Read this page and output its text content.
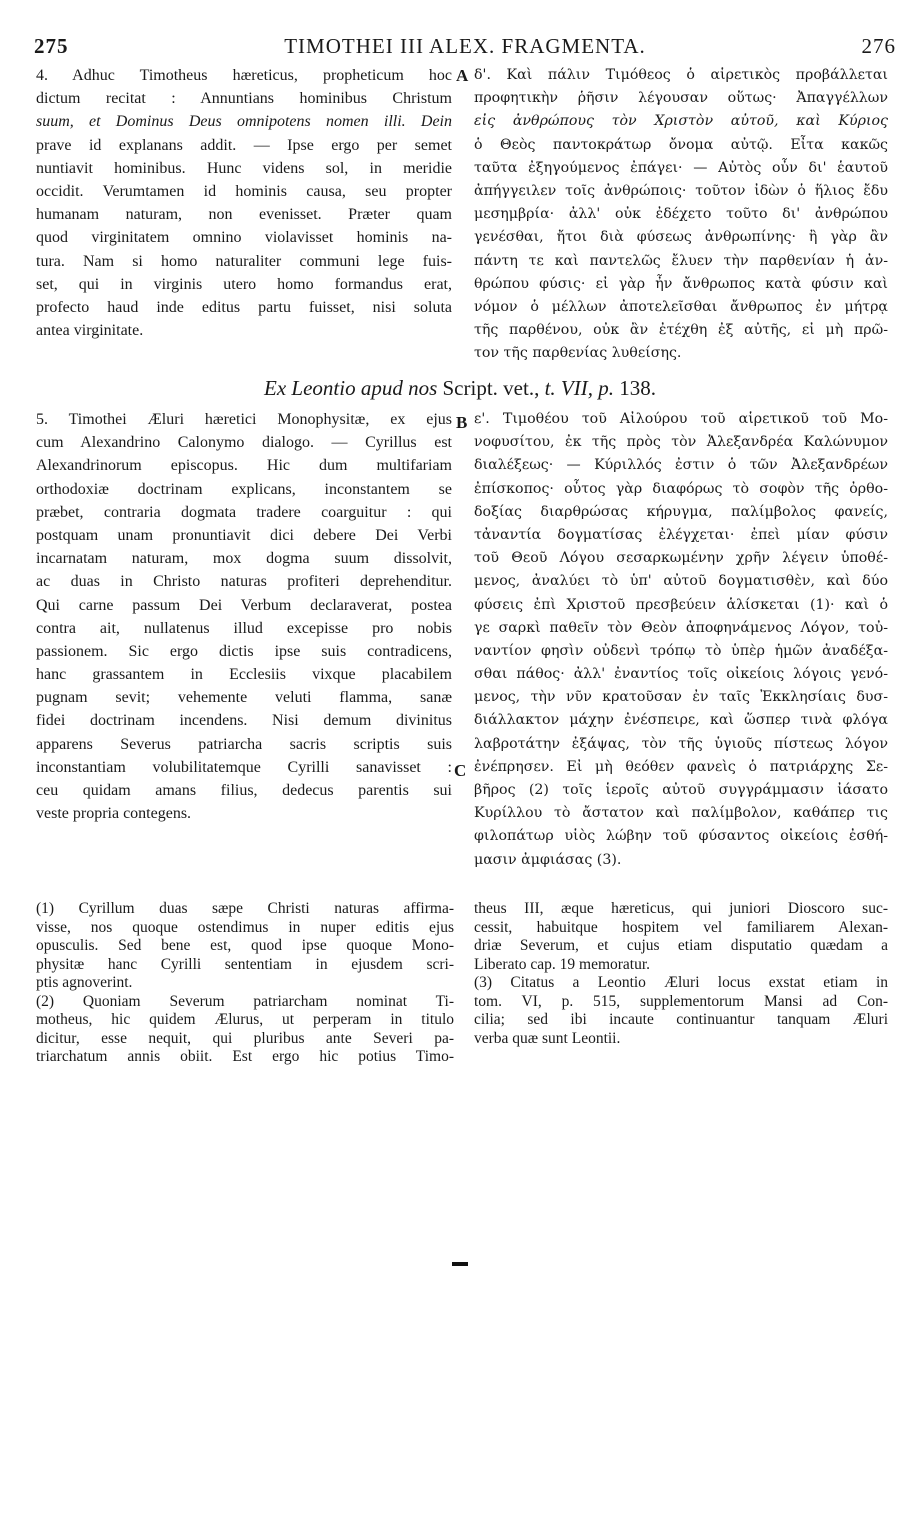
275	TIMOTHEI III ALEX. FRAGMENTA.	276
4. Adhuc Timotheus hæreticus, propheticum hoc
dictum recitat : Annuntians hominibus Christum
suum, et Dominus Deus omnipotens nomen illi. Dein
prave id explanans addit. — Ipse ergo per semet
nuntiavit hominibus. Hunc videns sol, in meridie
occidit. Verumtamen id hominis causa, seu propter
humanam naturam, non evenisset. Præter quam
quod virginitatem omnino violavisset hominis na-
tura. Nam si homo naturaliter communi lege fuis-
set, qui in virginis utero homo formandus erat,
profecto haud inde editus partu fuisset, nisi soluta
antea virginitate.
A δ'. Καὶ πάλιν Τιμόθεος ὁ αἱρετικὸς προβάλλεται
προφητικὴν ῥῆσιν λέγουσαν οὕτως· Ἀπαγγέλλων
εἰς ἀνθρώπους τὸν Χριστὸν αὐτοῦ, καὶ Κύριος
ὁ Θεὸς παντοκράτωρ ὄνομα αὐτῷ. Εἶτα κακῶς
ταῦτα ἐξηγούμενος ἐπάγει· — Αὐτὸς οὖν δι' ἑαυτοῦ
ἀπήγγειλεν τοῖς ἀνθρώποις· τοῦτον ἰδὼν ὁ ἥλιος ἔδυ
μεσημβρία· ἀλλ' οὐκ ἐδέχετο τοῦτο δι' ἀνθρώπου
γενέσθαι, ἤτοι διὰ φύσεως ἀνθρωπίνης· ἢ γὰρ ἂν
πάντη τε καὶ παντελῶς ἔλυεν τὴν παρθενίαν ἡ ἀν-
θρώπου φύσις· εἰ γὰρ ἦν ἄνθρωπος κατὰ φύσιν καὶ
νόμον ὁ μέλλων ἀποτελεῖσθαι ἄνθρωπος ἐν μήτρᾳ
τῆς παρθένου, οὐκ ἂν ἐτέχθη ἐξ αὐτῆς, εἰ μὴ πρῶ-
τον τῆς παρθενίας λυθείσης.
Ex Leontio apud nos Script. vet., t. VII, p. 138.
5. Timothei Æluri hæretici Monophysitæ, ex ejus
cum Alexandrino Calonymo dialogo. — Cyrillus est
Alexandrinorum episcopus. Hic dum multifariam
orthodoxiæ doctrinam explicans, inconstantem se
præbet, contraria dogmata tradere coarguitur : qui
postquam unam pronuntiavit dici debere Dei Verbi
incarnatam naturam, mox dogma suum dissolvit,
ac duas in Christo naturas profiteri deprehenditur.
Qui carne passum Dei Verbum declaraverat, postea
contra ait, nullatenus illud excepisse pro nobis
passionem. Sic ergo dictis ipse suis contradicens,
hanc grassantem in Ecclesiis vixque placabilem
pugnam sevit; vehemente veluti flamma, sanæ
fidei doctrinam incendens. Nisi demum divinitus
apparens Severus patriarcha sacris scriptis suis
inconstantiam volubilitatemque Cyrilli sanavisset :
ceu quidam amans filius, dedecus parentis sui
veste propria contegens.
B
C
ε'. Τιμοθέου τοῦ Αἰλούρου τοῦ αἱρετικοῦ τοῦ Μο-
νοφυσίτου, ἐκ τῆς πρὸς τὸν Ἀλεξανδρέα Καλώνυμον
διαλέξεως· — Κύριλλός ἐστιν ὁ τῶν Ἀλεξανδρέων
ἐπίσκοπος· οὗτος γὰρ διαφόρως τὸ σοφὸν τῆς ὀρθο-
δοξίας διαρθρώσας κήρυγμα, παλίμβολος φανείς,
τἀναντία δογματίσας ἐλέγχεται· ἐπεὶ μίαν φύσιν
τοῦ Θεοῦ Λόγου σεσαρκωμένην χρῆν λέγειν ὑποθέ-
μενος, ἀναλύει τὸ ὑπ' αὐτοῦ δογματισθὲν, καὶ δύο
φύσεις ἐπὶ Χριστοῦ πρεσβεύειν ἁλίσκεται (1)· καὶ ὁ
γε σαρκὶ παθεῖν τὸν Θεὸν ἀποφηνάμενος Λόγον, τοὐ-
ναντίον φησὶν οὐδενὶ τρόπῳ τὸ ὑπὲρ ἡμῶν ἀναδέξα-
σθαι πάθος· ἀλλ' ἐναντίος τοῖς οἰκείοις λόγοις γενό-
μενος, τὴν νῦν κρατοῦσαν ἐν ταῖς Ἐκκλησίαις δυσ-
διάλλακτον μάχην ἐνέσπειρε, καὶ ὥσπερ τινὰ φλόγα
λαβροτάτην ἐξάψας, τὸν τῆς ὑγιοῦς πίστεως λόγον
ἐνέπρησεν. Εἰ μὴ θεόθεν φανεὶς ὁ πατριάρχης Σε-
βῆρος (2) τοῖς ἱεροῖς αὐτοῦ συγγράμμασιν ἰάσατο
Κυρίλλου τὸ ἄστατον καὶ παλίμβολον, καθάπερ τις
φιλοπάτωρ υἱὸς λώβην τοῦ φύσαντος οἰκείοις ἐσθή-
μασιν ἀμφιάσας (3).
(1) Cyrillum duas sæpe Christi naturas affirma-
visse, nos quoque ostendimus in nuper editis ejus
opusculis. Sed bene est, quod ipse quoque Mono-
physitæ hanc Cyrilli sententiam in ejusdem scri-
ptis agnoverint.
(2) Quoniam Severum patriarcham nominat Ti-
motheus, hic quidem Ælurus, ut perperam in titulo
dicitur, esse nequit, qui pluribus ante Severi pa-
triarchatum annis obiit. Est ergo hic potius Timo-
theus III, æque hæreticus, qui juniori Dioscoro suc-
cessit, habuitque hospitem vel familiarem Alexan-
driæ Severum, et cujus etiam disputatio quædam a
Liberato cap. 19 memoratur.
(3) Citatus a Leontio Æluri locus exstat etiam in
tom. VI, p. 515, supplementorum Mansi ad Con-
cilia; sed ibi incaute continuantur tanquam Æluri
verba quæ sunt Leontii.
